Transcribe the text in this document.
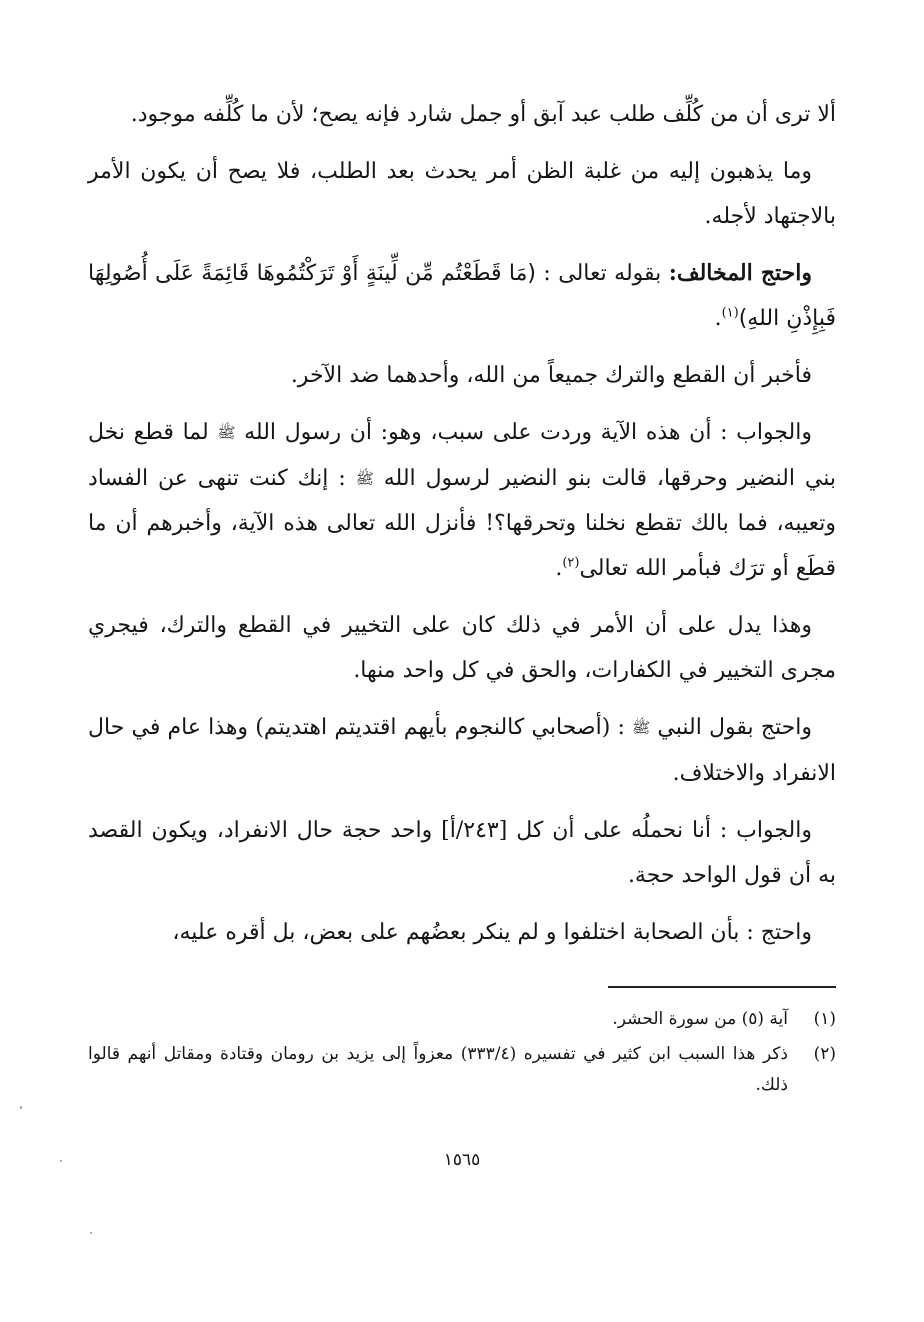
ألا ترى أن من كُلِّف طلب عبد آبق أو جمل شارد فإنه يصح؛ لأن ما كُلِّفه موجود.

وما يذهبون إليه من غلبة الظن أمر يحدث بعد الطلب، فلا يصح أن يكون الأمر بالاجتهاد لأجله.

واحتج المخالف: بقوله تعالى : (مَا قَطَعْتُم مِّن لِّينَةٍ أَوْ تَرَكْتُمُوهَا قَائِمَةً عَلَى أُصُولِهَا فَبِإِذْنِ اللهِ)$^{(١)}$.

فأخبر أن القطع والترك جميعاً من الله، وأحدهما ضد الآخر.

والجواب : أن هذه الآية وردت على سبب، وهو: أن رسول الله ﷺ لما قطع نخل بني النضير وحرقها، قالت بنو النضير لرسول الله ﷺ : إنك كنت تنهى عن الفساد وتعيبه، فما بالك تقطع نخلنا وتحرقها؟! فأنزل الله تعالى هذه الآية، وأخبرهم أن ما قطَع أو ترَك فبأمر الله تعالى$^{(٢)}$.

وهذا يدل على أن الأمر في ذلك كان على التخيير في القطع والترك، فيجري مجرى التخيير في الكفارات، والحق في كل واحد منها.

واحتج بقول النبي ﷺ : (أصحابي كالنجوم بأيهم اقتديتم اهتديتم) وهذا عام في حال الانفراد والاختلاف.

والجواب : أنا نحملُه على أن كل [٢٤٣/أ] واحد حجة حال الانفراد، ويكون القصد به أن قول الواحد حجة.

واحتج : بأن الصحابة اختلفوا و لم ينكر بعضُهم على بعض، بل أقره عليه،

(١)
آية (٥) من سورة الحشر.
(٢)
ذكر هذا السبب ابن كثير في تفسيره (٣٣٣/٤) معزواً إلى يزيد بن رومان وقتادة ومقاتل أنهم قالوا ذلك.
١٥٦٥
